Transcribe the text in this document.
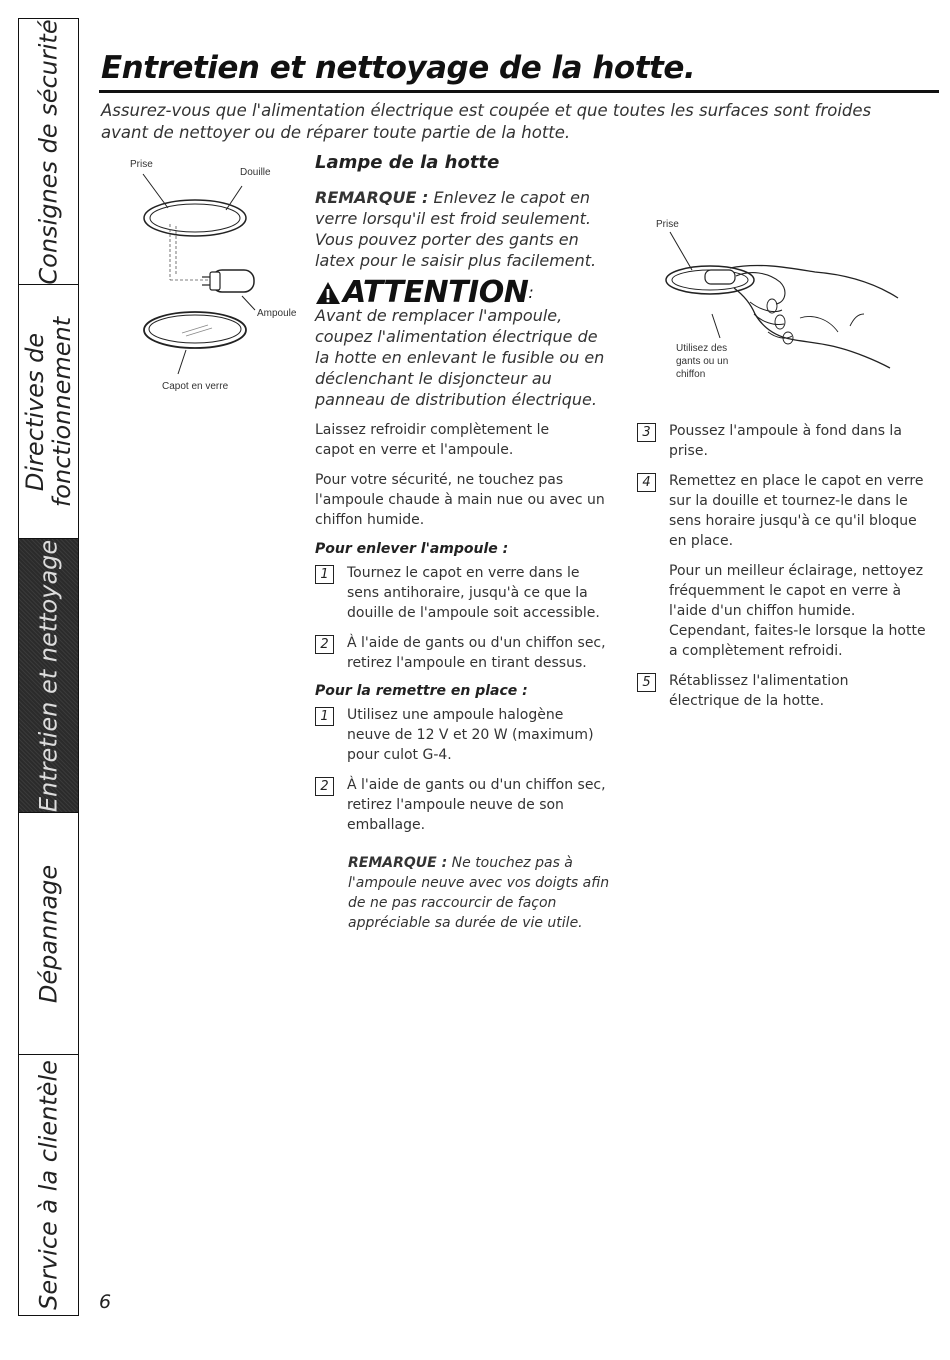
Consignes de sécurité
Directives de fonctionnement
Entretien et nettoyage
Dépannage
Service à la clientèle
Entretien et nettoyage de la hotte.
Assurez-vous que l'alimentation électrique est coupée et que toutes les surfaces sont froides avant de nettoyer ou de réparer toute partie de la hotte.
Prise
Douille
Ampoule
Capot en verre
Lampe de la hotte
REMARQUE : Enlevez le capot en verre lorsqu'il est froid seulement. Vous pouvez porter des gants en latex pour le saisir plus facilement.
ATTENTION :
Avant de remplacer l'ampoule, coupez l'alimentation électrique de la hotte en enlevant le fusible ou en déclenchant le disjoncteur au panneau de distribution électrique.
Laissez refroidir complètement le capot en verre et l'ampoule.
Pour votre sécurité, ne touchez pas l'ampoule chaude à main nue ou avec un chiffon humide.
Pour enlever l'ampoule :
1	Tournez le capot en verre dans le sens antihoraire, jusqu'à ce que la douille de l'ampoule soit accessible.
2	À l'aide de gants ou d'un chiffon sec, retirez l'ampoule en tirant dessus.
Pour la remettre en place :
1	Utilisez une ampoule halogène neuve de 12 V et 20 W (maximum) pour culot G-4.
2	À l'aide de gants ou d'un chiffon sec, retirez l'ampoule neuve de son emballage.
REMARQUE : Ne touchez pas à l'ampoule neuve avec vos doigts afin de ne pas raccourcir de façon appréciable sa durée de vie utile.
Prise
Utilisez des gants ou un chiffon
3	Poussez l'ampoule à fond dans la prise.
4	Remettez en place le capot en verre sur la douille et tournez-le dans le sens horaire jusqu'à ce qu'il bloque en place.
Pour un meilleur éclairage, nettoyez fréquemment le capot en verre à l'aide d'un chiffon humide. Cependant, faites-le lorsque la hotte a complètement refroidi.
5	Rétablissez l'alimentation électrique de la hotte.
6
